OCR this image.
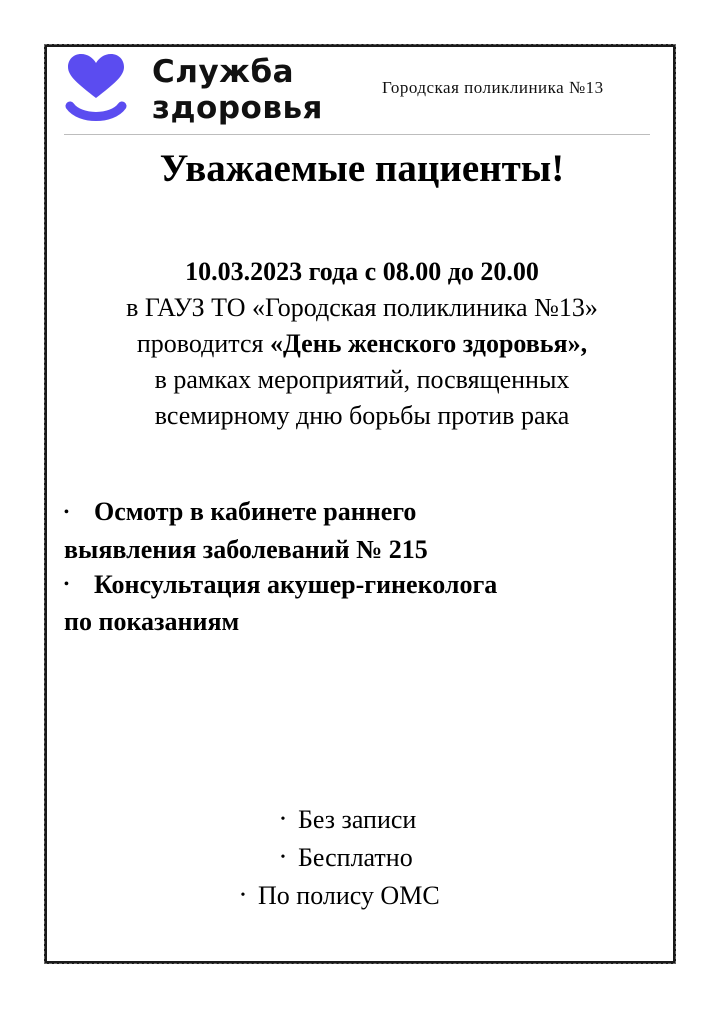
Служба
здоровья
Городская поликлиника №13
Уважаемые пациенты!
10.03.2023 года с 08.00 до 20.00
в ГАУЗ ТО «Городская поликлиника №13»
проводится «День женского здоровья»,
в рамках мероприятий, посвященных
всемирному дню борьбы против рака
• Осмотр в кабинете раннего
выявления заболеваний № 215
• Консультация акушер-гинеколога
по показаниям
• Без записи
• Бесплатно
• По полису ОМС
